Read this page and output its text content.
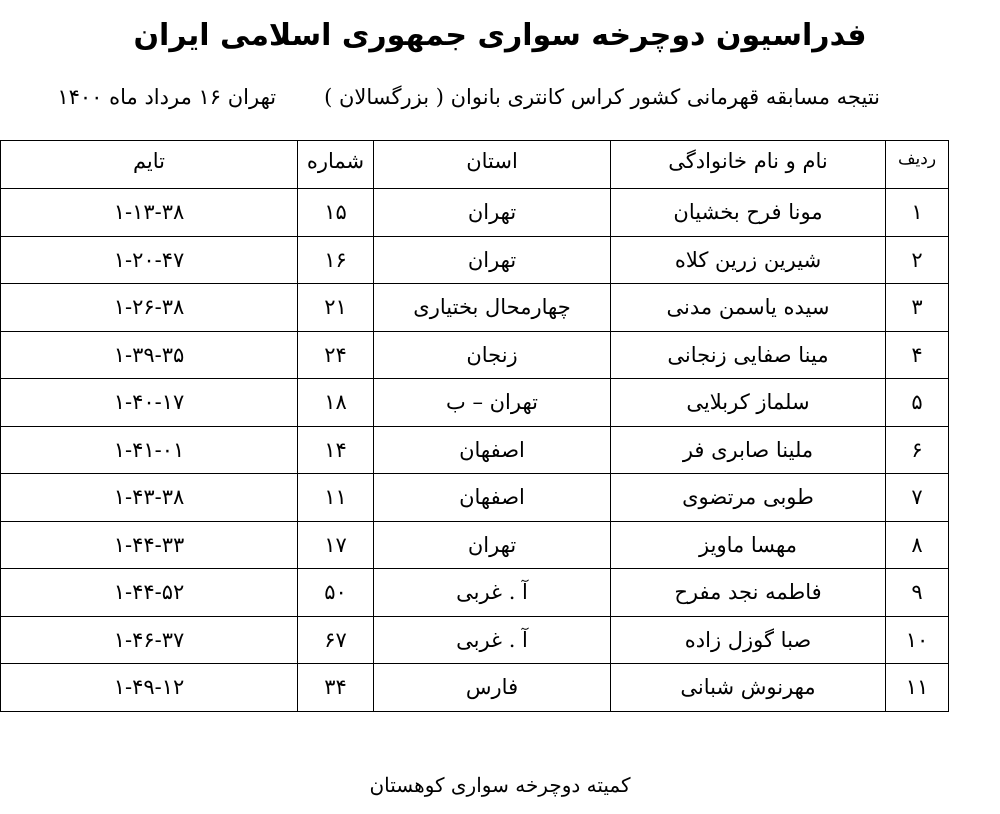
فدراسیون دوچرخه سواری جمهوری اسلامی ایران
نتیجه مسابقه قهرمانی کشور کراس کانتری بانوان ( بزرگسالان )تهران ۱۶ مرداد ماه ۱۴۰۰
ردیف	نام و نام خانوادگی	استان	شماره	تایم
۱	مونا فرح بخشیان	تهران	۱۵	۱-۱۳-۳۸
۲	شیرین زرین کلاه	تهران	۱۶	۱-۲۰-۴۷
۳	سیده یاسمن مدنی	چهارمحال بختیاری	۲۱	۱-۲۶-۳۸
۴	مینا صفایی زنجانی	زنجان	۲۴	۱-۳۹-۳۵
۵	سلماز کربلایی	تهران – ب	۱۸	۱-۴۰-۱۷
۶	ملینا صابری فر	اصفهان	۱۴	۱-۴۱-۰۱
۷	طوبی مرتضوی	اصفهان	۱۱	۱-۴۳-۳۸
۸	مهسا ماویز	تهران	۱۷	۱-۴۴-۳۳
۹	فاطمه نجد مفرح	آ . غربی	۵۰	۱-۴۴-۵۲
۱۰	صبا گوزل زاده	آ . غربی	۶۷	۱-۴۶-۳۷
۱۱	مهرنوش شبانی	فارس	۳۴	۱-۴۹-۱۲
کمیته دوچرخه سواری کوهستان
